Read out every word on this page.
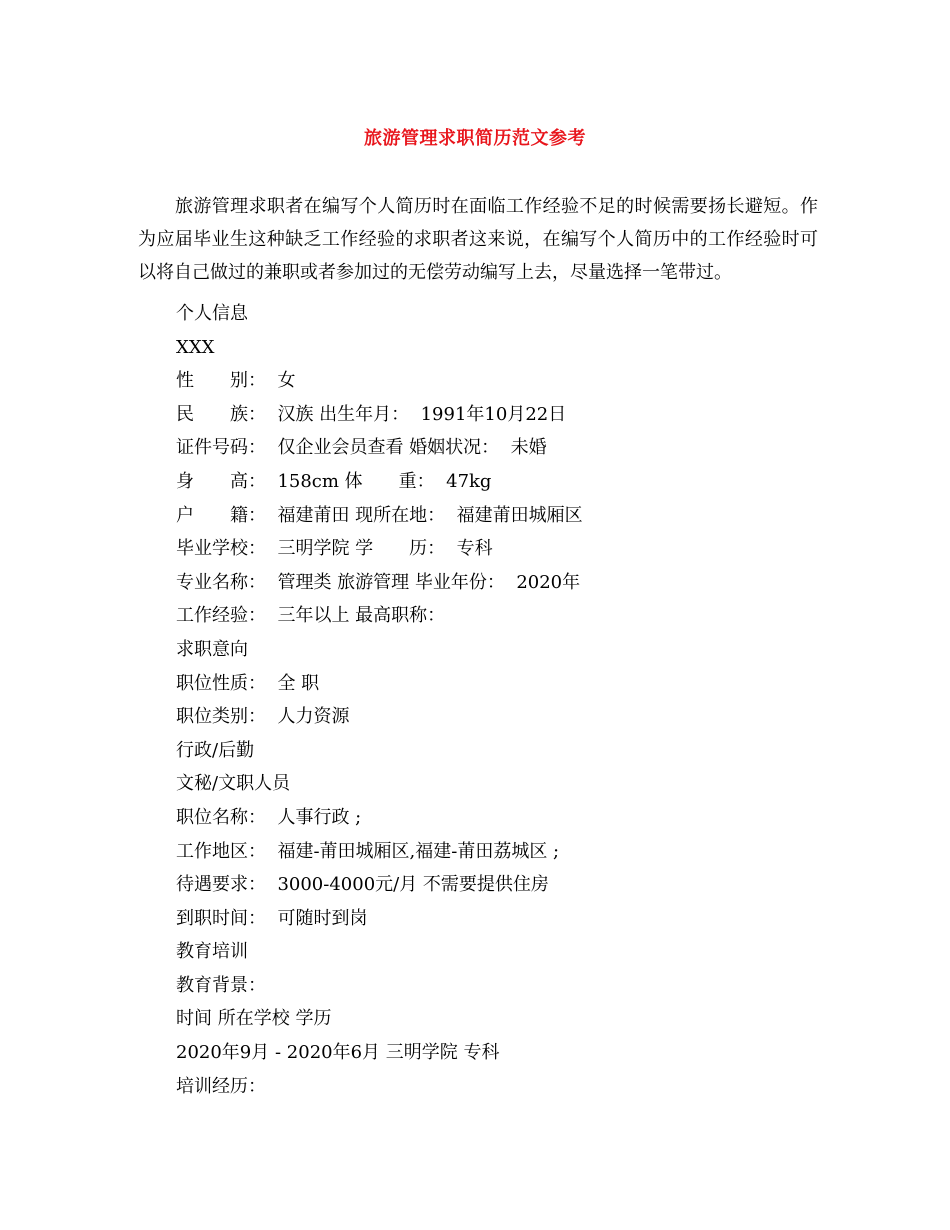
旅游管理求职简历范文参考

旅游管理求职者在编写个人简历时在面临工作经验不足的时候需要扬长避短。作为应届毕业生这种缺乏工作经验的求职者这来说，在编写个人简历中的工作经验时可以将自己做过的兼职或者参加过的无偿劳动编写上去，尽量选择一笔带过。

个人信息
XXX
性　　别：  女
民　　族：  汉族 出生年月：  1991年10月22日
证件号码：  仅企业会员查看 婚姻状况：  未婚
身　　高：  158cm 体　　重：  47kg
户　　籍：  福建莆田 现所在地：  福建莆田城厢区
毕业学校：  三明学院 学　　历：  专科
专业名称：  管理类 旅游管理 毕业年份：  2020年
工作经验：  三年以上 最高职称：
求职意向
职位性质：  全 职
职位类别：  人力资源
行政/后勤
文秘/文职人员
职位名称：  人事行政 ;
工作地区：  福建-莆田城厢区,福建-莆田荔城区 ;
待遇要求：  3000-4000元/月 不需要提供住房
到职时间：  可随时到岗
教育培训
教育背景：
时间 所在学校 学历
2020年9月 - 2020年6月 三明学院 专科
培训经历：
